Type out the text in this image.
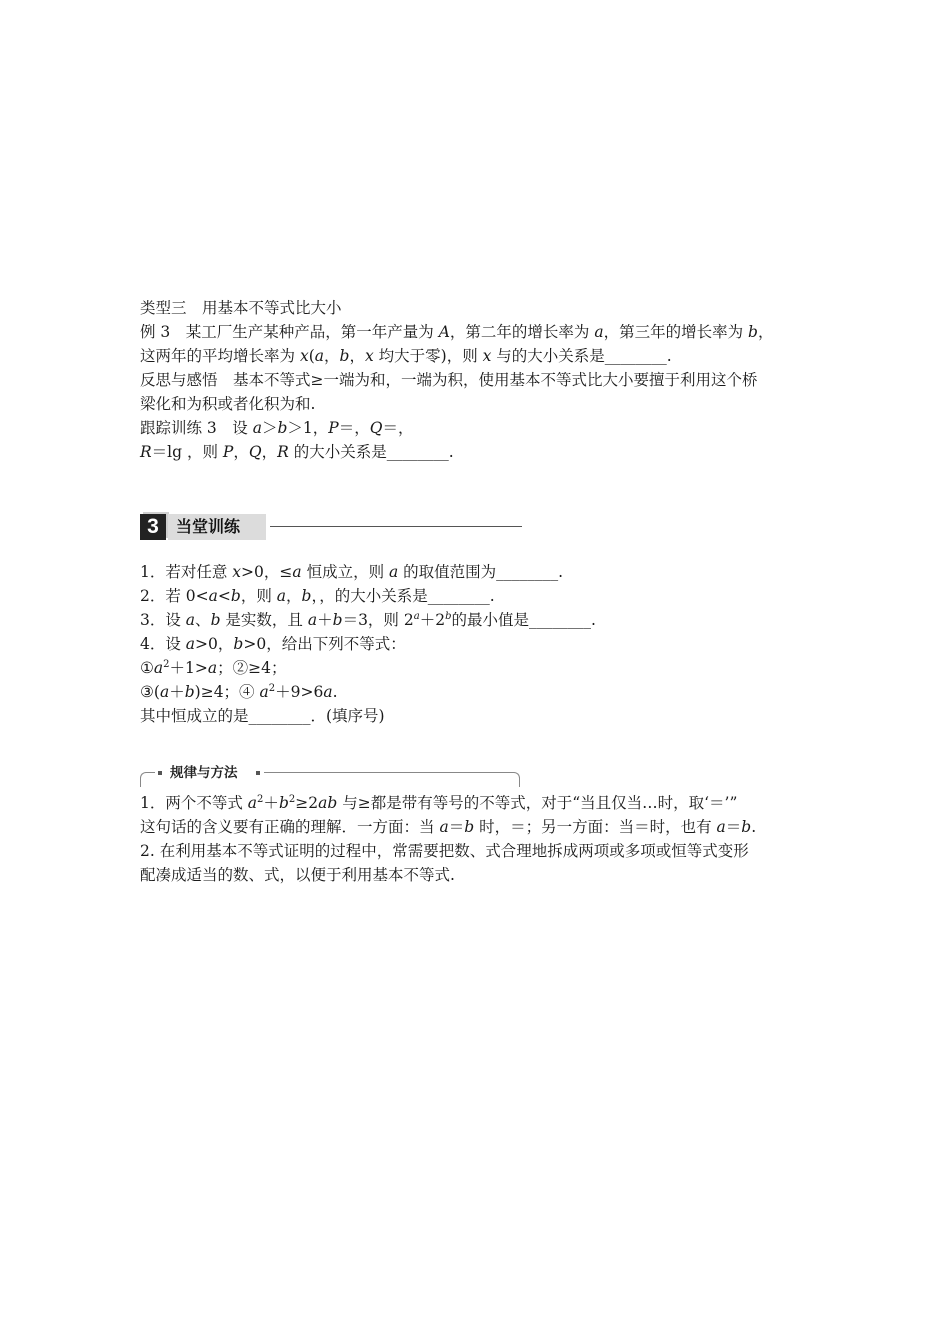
类型三　用基本不等式比大小
例 3　某工厂生产某种产品，第一年产量为 A，第二年的增长率为 a，第三年的增长率为 b，
这两年的平均增长率为 x(a，b，x 均大于零)，则 x 与的大小关系是________.
反思与感悟　基本不等式≥一端为和，一端为积，使用基本不等式比大小要擅于利用这个桥
梁化和为积或者化积为和.
跟踪训练 3　设 a＞b＞1，P＝，Q＝，
R＝lg ，则 P，Q，R 的大小关系是________.
3	当堂训练
1．若对任意 x>0，≤a 恒成立，则 a 的取值范围为________.
2．若 0<a<b，则 a，b，，的大小关系是________.
3．设 a、b 是实数，且 a＋b＝3，则 $2^a+2^b$的最小值是________.
4．设 a>0，b>0，给出下列不等式：
$①a^2+1>a$；②≥4；
③(a＋b)≥4；④ $a^2+9>6a$.
其中恒成立的是________．(填序号)
规律与方法
1．两个不等式 $a^2+b^2\ge 2ab$ 与≥都是带有等号的不等式，对于“当且仅当…时，取‘＝’”
这句话的含义要有正确的理解．一方面：当 a＝b 时，＝；另一方面：当＝时，也有 a＝b.
2. 在利用基本不等式证明的过程中，常需要把数、式合理地拆成两项或多项或恒等式变形
配凑成适当的数、式，以便于利用基本不等式.
